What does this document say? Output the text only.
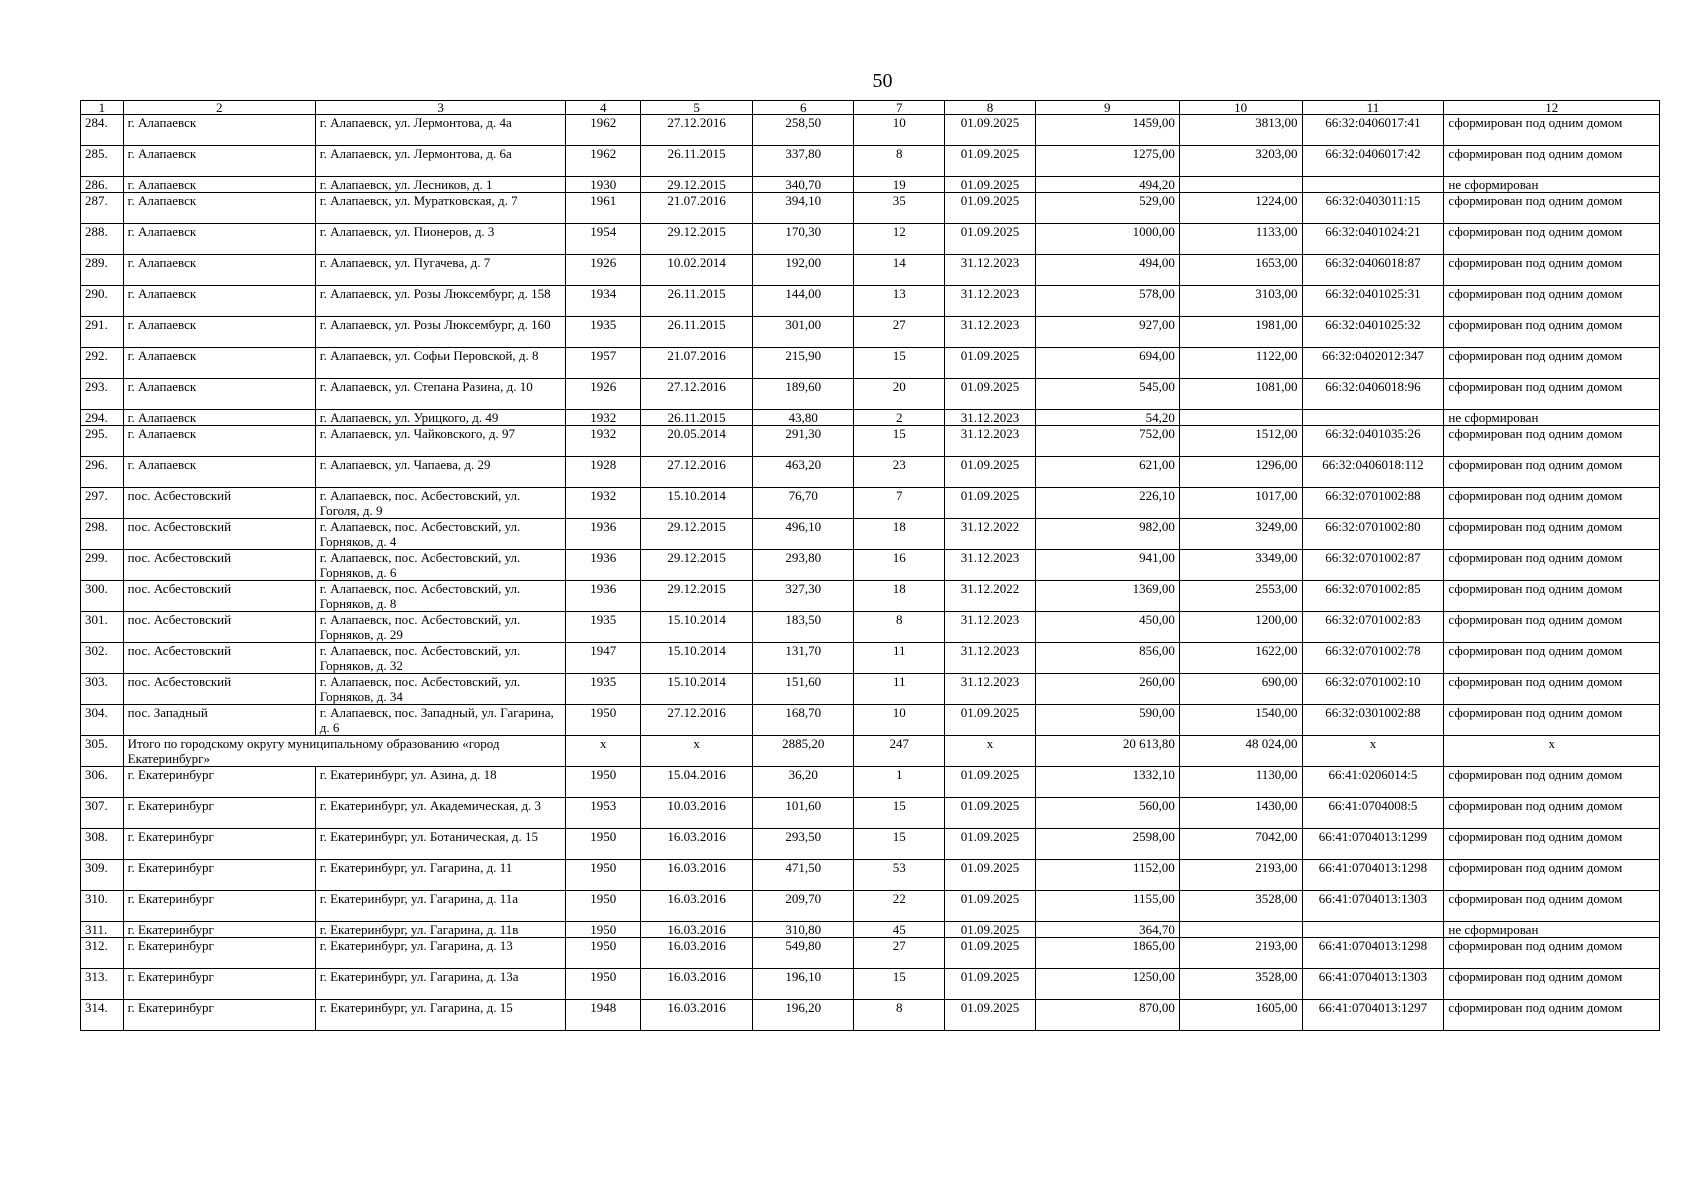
50
1	2	3	4	5	6	7	8	9	10	11	12
284.	г. Алапаевск	г. Алапаевск, ул. Лермонтова, д. 4а	1962	27.12.2016	258,50	10	01.09.2025	1459,00	3813,00	66:32:0406017:41	сформирован под одним домом
285.	г. Алапаевск	г. Алапаевск, ул. Лермонтова, д. 6а	1962	26.11.2015	337,80	8	01.09.2025	1275,00	3203,00	66:32:0406017:42	сформирован под одним домом
286.	г. Алапаевск	г. Алапаевск, ул. Лесников, д. 1	1930	29.12.2015	340,70	19	01.09.2025	494,20			не сформирован
287.	г. Алапаевск	г. Алапаевск, ул. Мураткoвская, д. 7	1961	21.07.2016	394,10	35	01.09.2025	529,00	1224,00	66:32:0403011:15	сформирован под одним домом
288.	г. Алапаевск	г. Алапаевск, ул. Пионеров, д. 3	1954	29.12.2015	170,30	12	01.09.2025	1000,00	1133,00	66:32:0401024:21	сформирован под одним домом
289.	г. Алапаевск	г. Алапаевск, ул. Пугачева, д. 7	1926	10.02.2014	192,00	14	31.12.2023	494,00	1653,00	66:32:0406018:87	сформирован под одним домом
290.	г. Алапаевск	г. Алапаевск, ул. Розы Люксембург, д. 158	1934	26.11.2015	144,00	13	31.12.2023	578,00	3103,00	66:32:0401025:31	сформирован под одним домом
291.	г. Алапаевск	г. Алапаевск, ул. Розы Люксембург, д. 160	1935	26.11.2015	301,00	27	31.12.2023	927,00	1981,00	66:32:0401025:32	сформирован под одним домом
292.	г. Алапаевск	г. Алапаевск, ул. Софьи Перовской, д. 8	1957	21.07.2016	215,90	15	01.09.2025	694,00	1122,00	66:32:0402012:347	сформирован под одним домом
293.	г. Алапаевск	г. Алапаевск, ул. Степана Разина, д. 10	1926	27.12.2016	189,60	20	01.09.2025	545,00	1081,00	66:32:0406018:96	сформирован под одним домом
294.	г. Алапаевск	г. Алапаевск, ул. Урицкого, д. 49	1932	26.11.2015	43,80	2	31.12.2023	54,20			не сформирован
295.	г. Алапаевск	г. Алапаевск, ул. Чайковского, д. 97	1932	20.05.2014	291,30	15	31.12.2023	752,00	1512,00	66:32:0401035:26	сформирован под одним домом
296.	г. Алапаевск	г. Алапаевск, ул. Чапаева, д. 29	1928	27.12.2016	463,20	23	01.09.2025	621,00	1296,00	66:32:0406018:112	сформирован под одним домом
297.	пос. Асбестовский	г. Алапаевск, пос. Асбестовский, ул. Гоголя, д. 9	1932	15.10.2014	76,70	7	01.09.2025	226,10	1017,00	66:32:0701002:88	сформирован под одним домом
298.	пос. Асбестовский	г. Алапаевск, пос. Асбестовский, ул. Горняков, д. 4	1936	29.12.2015	496,10	18	31.12.2022	982,00	3249,00	66:32:0701002:80	сформирован под одним домом
299.	пос. Асбестовский	г. Алапаевск, пос. Асбестовский, ул. Горняков, д. 6	1936	29.12.2015	293,80	16	31.12.2023	941,00	3349,00	66:32:0701002:87	сформирован под одним домом
300.	пос. Асбестовский	г. Алапаевск, пос. Асбестовский, ул. Горняков, д. 8	1936	29.12.2015	327,30	18	31.12.2022	1369,00	2553,00	66:32:0701002:85	сформирован под одним домом
301.	пос. Асбестовский	г. Алапаевск, пос. Асбестовский, ул. Горняков, д. 29	1935	15.10.2014	183,50	8	31.12.2023	450,00	1200,00	66:32:0701002:83	сформирован под одним домом
302.	пос. Асбестовский	г. Алапаевск, пос. Асбестовский, ул. Горняков, д. 32	1947	15.10.2014	131,70	11	31.12.2023	856,00	1622,00	66:32:0701002:78	сформирован под одним домом
303.	пос. Асбестовский	г. Алапаевск, пос. Асбестовский, ул. Горняков, д. 34	1935	15.10.2014	151,60	11	31.12.2023	260,00	690,00	66:32:0701002:10	сформирован под одним домом
304.	пос. Западный	г. Алапаевск, пос. Западный, ул. Гагарина, д. 6	1950	27.12.2016	168,70	10	01.09.2025	590,00	1540,00	66:32:0301002:88	сформирован под одним домом
305.	Итого по городскому округу муниципальному образованию «город Екатеринбург»		x	x	2885,20	247	x	20 613,80	48 024,00	x	x
306.	г. Екатеринбург	г. Екатеринбург, ул. Азина, д. 18	1950	15.04.2016	36,20	1	01.09.2025	1332,10	1130,00	66:41:0206014:5	сформирован под одним домом
307.	г. Екатеринбург	г. Екатеринбург, ул. Академическая, д. 3	1953	10.03.2016	101,60	15	01.09.2025	560,00	1430,00	66:41:0704008:5	сформирован под одним домом
308.	г. Екатеринбург	г. Екатеринбург, ул. Ботаническая, д. 15	1950	16.03.2016	293,50	15	01.09.2025	2598,00	7042,00	66:41:0704013:1299	сформирован под одним домом
309.	г. Екатеринбург	г. Екатеринбург, ул. Гагарина, д. 11	1950	16.03.2016	471,50	53	01.09.2025	1152,00	2193,00	66:41:0704013:1298	сформирован под одним домом
310.	г. Екатеринбург	г. Екатеринбург, ул. Гагарина, д. 11а	1950	16.03.2016	209,70	22	01.09.2025	1155,00	3528,00	66:41:0704013:1303	сформирован под одним домом
311.	г. Екатеринбург	г. Екатеринбург, ул. Гагарина, д. 11в	1950	16.03.2016	310,80	45	01.09.2025	364,70			не сформирован
312.	г. Екатеринбург	г. Екатеринбург, ул. Гагарина, д. 13	1950	16.03.2016	549,80	27	01.09.2025	1865,00	2193,00	66:41:0704013:1298	сформирован под одним домом
313.	г. Екатеринбург	г. Екатеринбург, ул. Гагарина, д. 13а	1950	16.03.2016	196,10	15	01.09.2025	1250,00	3528,00	66:41:0704013:1303	сформирован под одним домом
314.	г. Екатеринбург	г. Екатеринбург, ул. Гагарина, д. 15	1948	16.03.2016	196,20	8	01.09.2025	870,00	1605,00	66:41:0704013:1297	сформирован под одним домом
